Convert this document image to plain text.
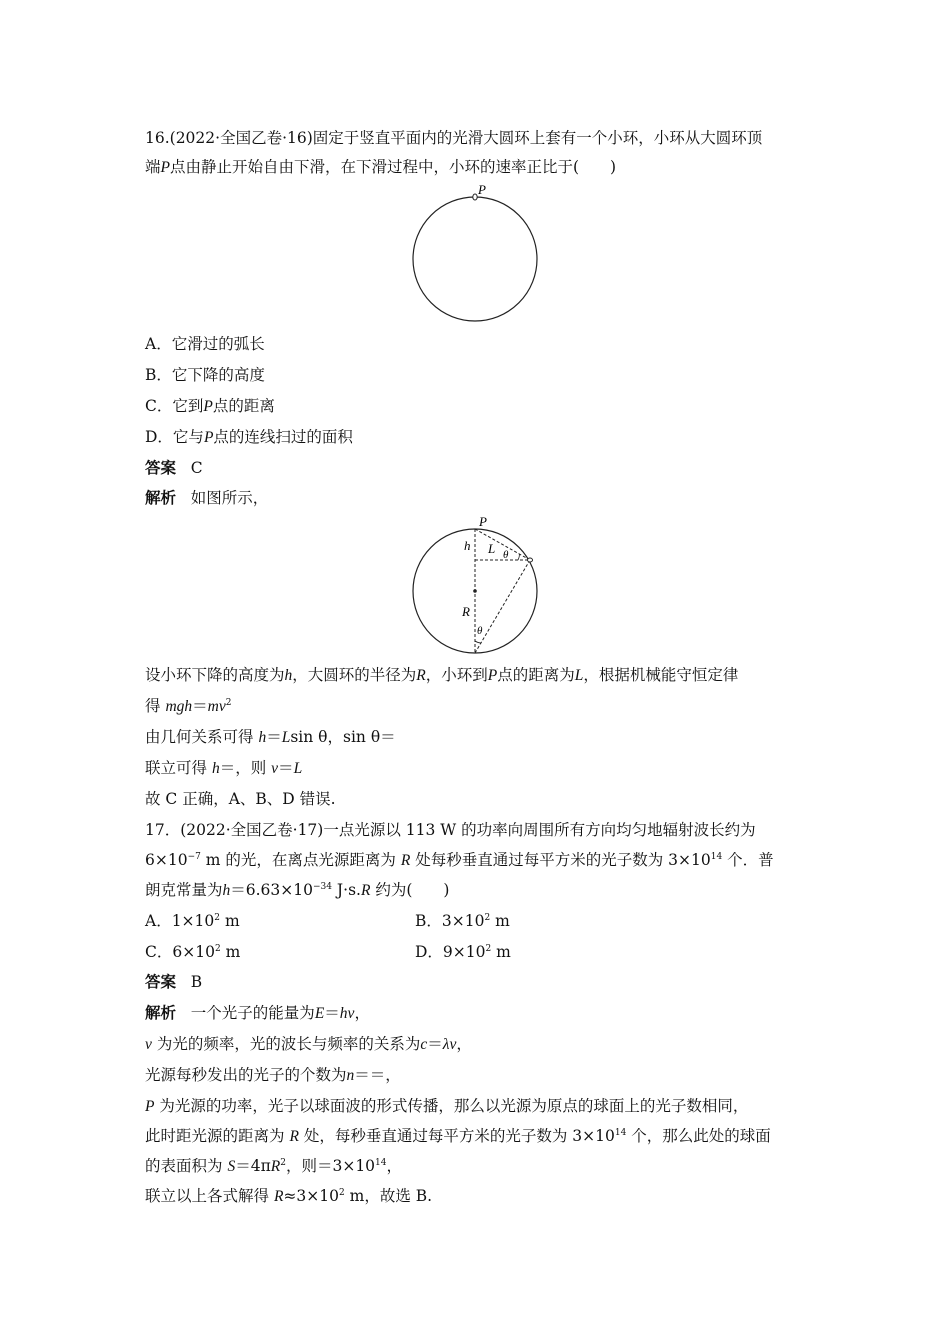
16.(2022·全国乙卷·16)固定于竖直平面内的光滑大圆环上套有一个小环，小环从大圆环顶
端P点由静止开始自由下滑，在下滑过程中，小环的速率正比于(　　)
P
A．它滑过的弧长
B．它下降的高度
C．它到P点的距离
D．它与P点的连线扫过的面积
答案 C
解析 如图所示，
P
h L θ
R
θ
设小环下降的高度为h，大圆环的半径为R，小环到P点的距离为L，根据机械能守恒定律
得 $mgh=mv^2$
由几何关系可得 h＝Lsin θ，sin θ＝
联立可得 h＝，则 v＝L
故 C 正确，A、B、D 错误.
17．(2022·全国乙卷·17)一点光源以 113 W 的功率向周围所有方向均匀地辐射波长约为
$6\times 10^{-7}$ m 的光，在离点光源距离为 R 处每秒垂直通过每平方米的光子数为 $3\times 10^{14}$ 个．普
朗克常量为$h=6.63\times 10^{-34}$ J·s.R 约为(　　)
A．$1\times 10^2$ m	B．$3\times 10^2$ m
C．$6\times 10^2$ m	D．$9\times 10^2$ m
答案 B
解析 一个光子的能量为E＝hν，
ν 为光的频率，光的波长与频率的关系为c＝λν，
光源每秒发出的光子的个数为n＝＝，
P 为光源的功率，光子以球面波的形式传播，那么以光源为原点的球面上的光子数相同，
此时距光源的距离为 R 处，每秒垂直通过每平方米的光子数为 $3\times 10^{14}$ 个，那么此处的球面
的表面积为 $S=4\pi R^2$，则$=3\times 10^{14}$，
联立以上各式解得 $R\approx 3\times 10^2$ m，故选 B.
